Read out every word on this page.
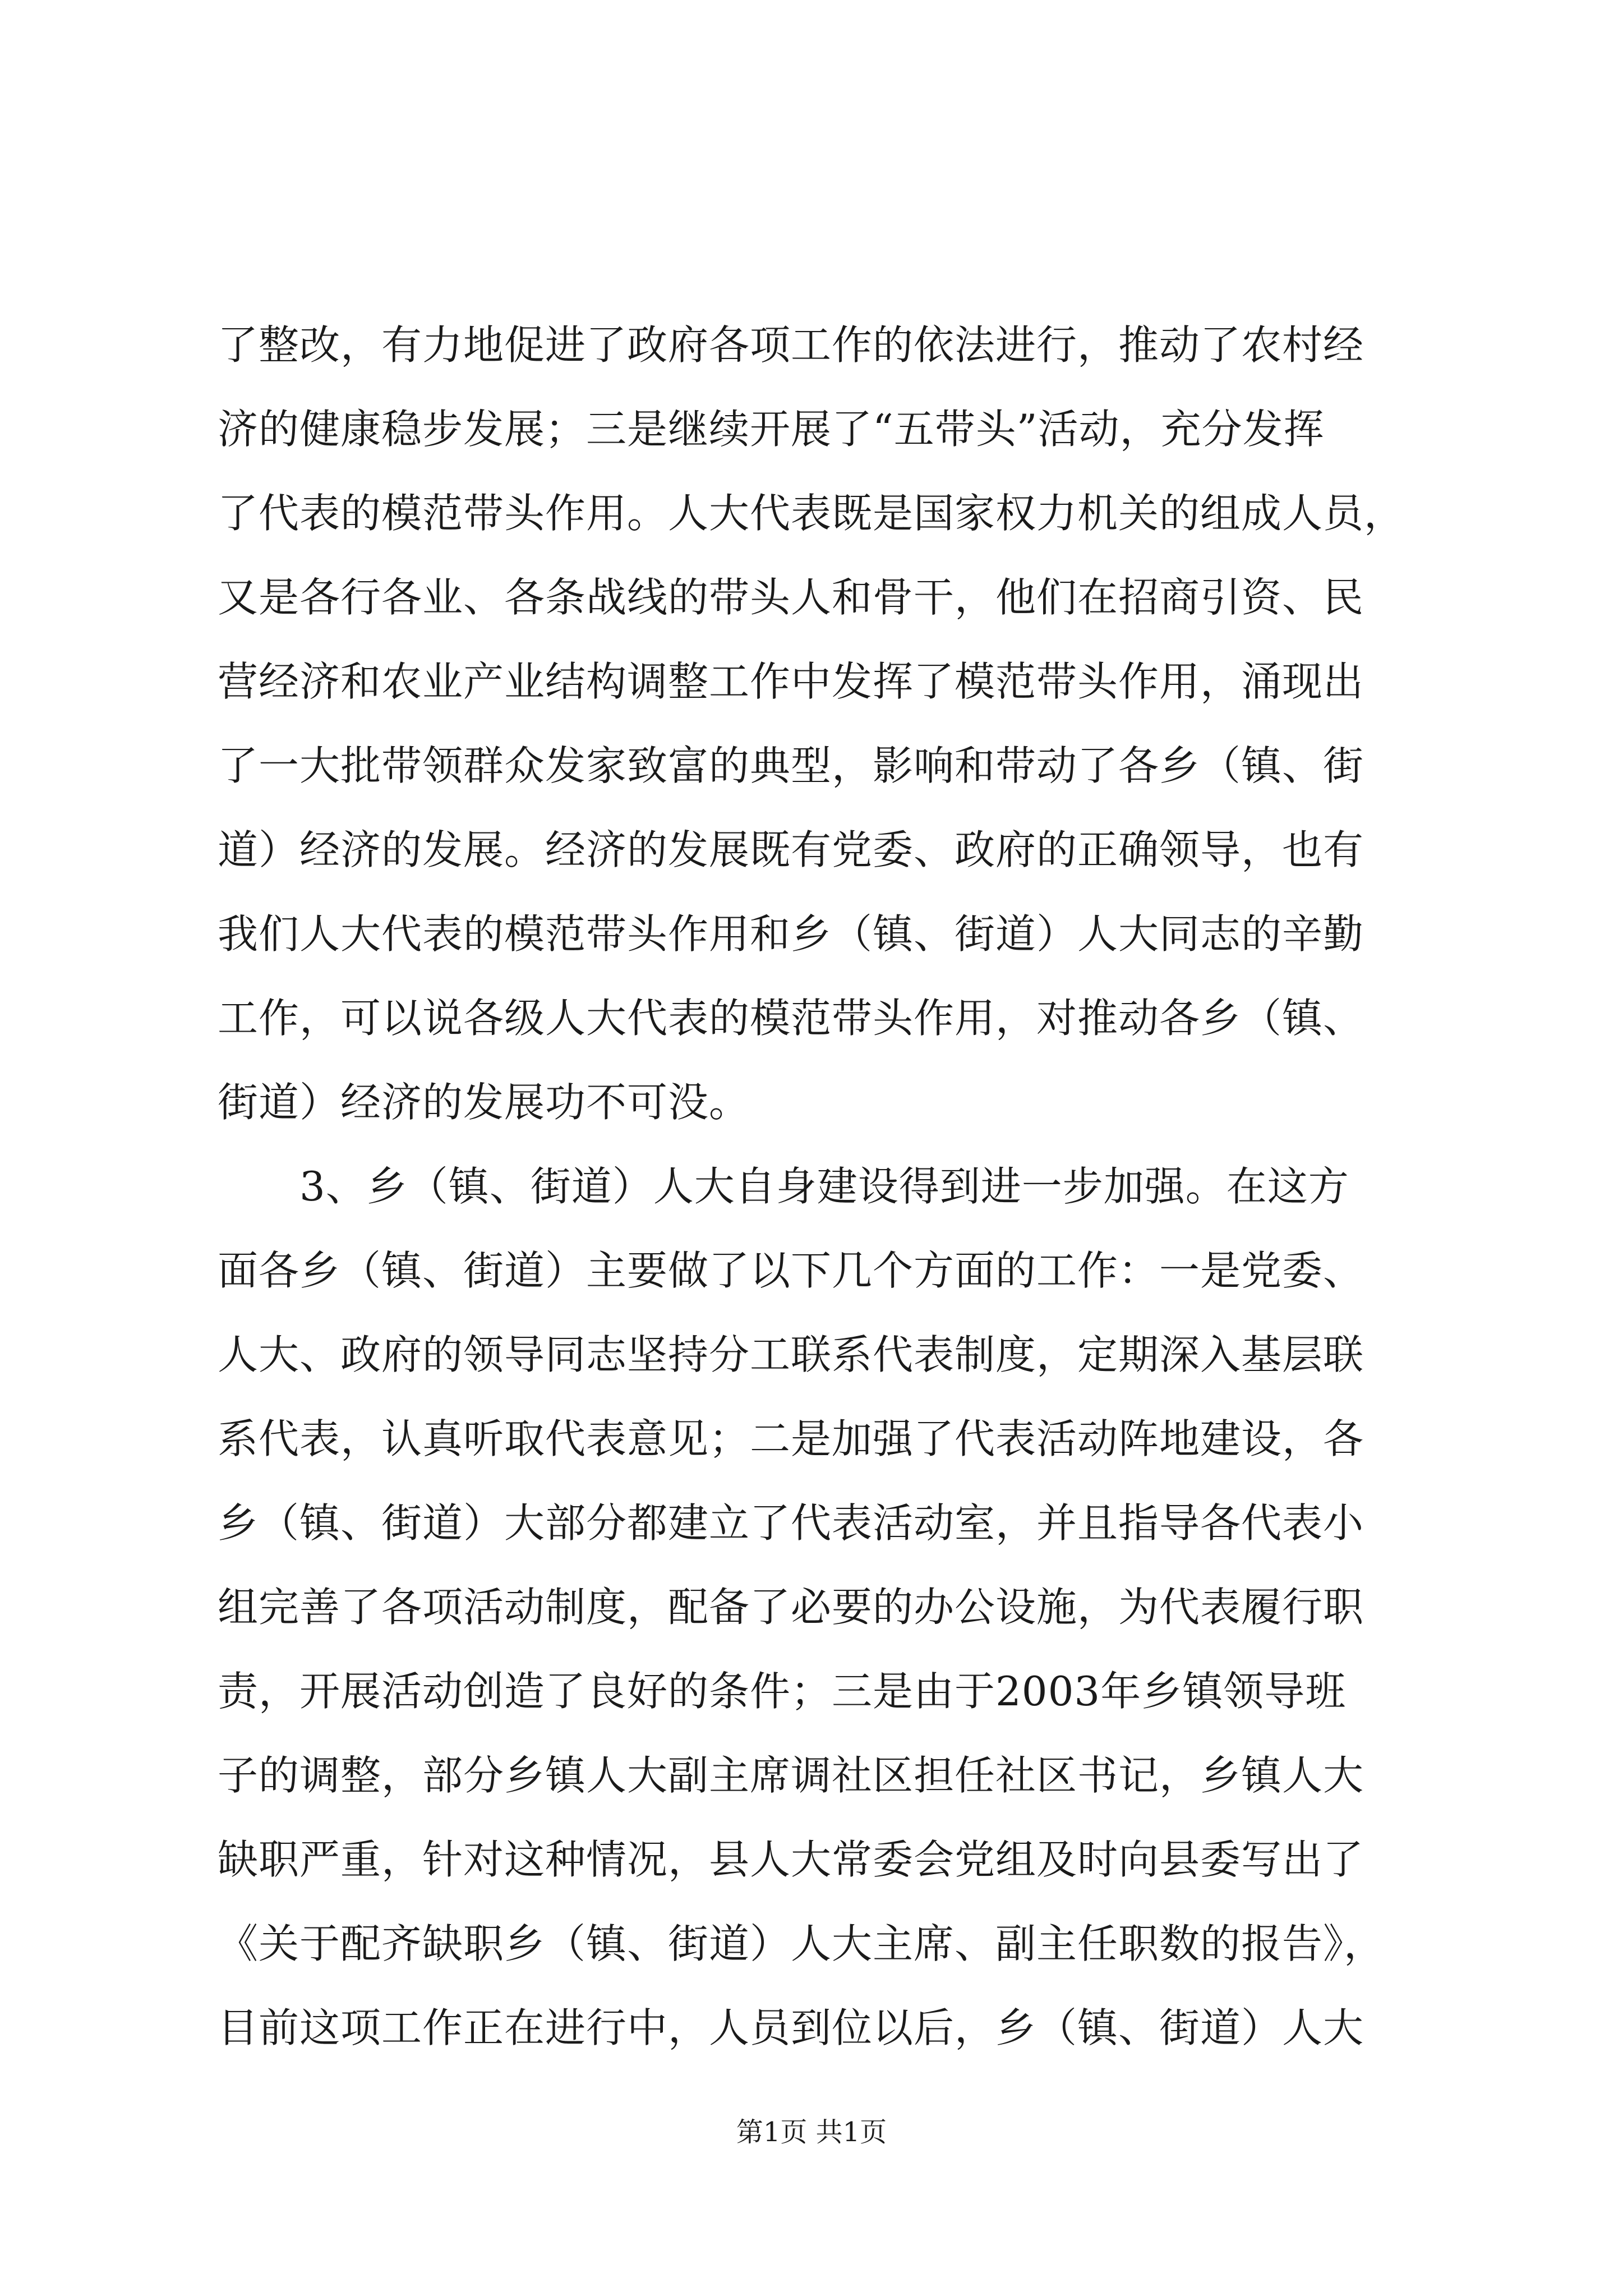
了整改，有力地促进了政府各项工作的依法进行，推动了农村经
济的健康稳步发展；三是继续开展了“五带头”活动，充分发挥
了代表的模范带头作用。人大代表既是国家权力机关的组成人员，
又是各行各业、各条战线的带头人和骨干，他们在招商引资、民
营经济和农业产业结构调整工作中发挥了模范带头作用，涌现出
了一大批带领群众发家致富的典型，影响和带动了各乡（镇、街
道）经济的发展。经济的发展既有党委、政府的正确领导，也有
我们人大代表的模范带头作用和乡（镇、街道）人大同志的辛勤
工作，可以说各级人大代表的模范带头作用，对推动各乡（镇、
街道）经济的发展功不可没。
　　3、乡（镇、街道）人大自身建设得到进一步加强。在这方
面各乡（镇、街道）主要做了以下几个方面的工作：一是党委、
人大、政府的领导同志坚持分工联系代表制度，定期深入基层联
系代表，认真听取代表意见；二是加强了代表活动阵地建设，各
乡（镇、街道）大部分都建立了代表活动室，并且指导各代表小
组完善了各项活动制度，配备了必要的办公设施，为代表履行职
责，开展活动创造了良好的条件；三是由于2003年乡镇领导班
子的调整，部分乡镇人大副主席调社区担任社区书记，乡镇人大
缺职严重，针对这种情况，县人大常委会党组及时向县委写出了
《关于配齐缺职乡（镇、街道）人大主席、副主任职数的报告》，
目前这项工作正在进行中，人员到位以后，乡（镇、街道）人大
第1页 共1页
